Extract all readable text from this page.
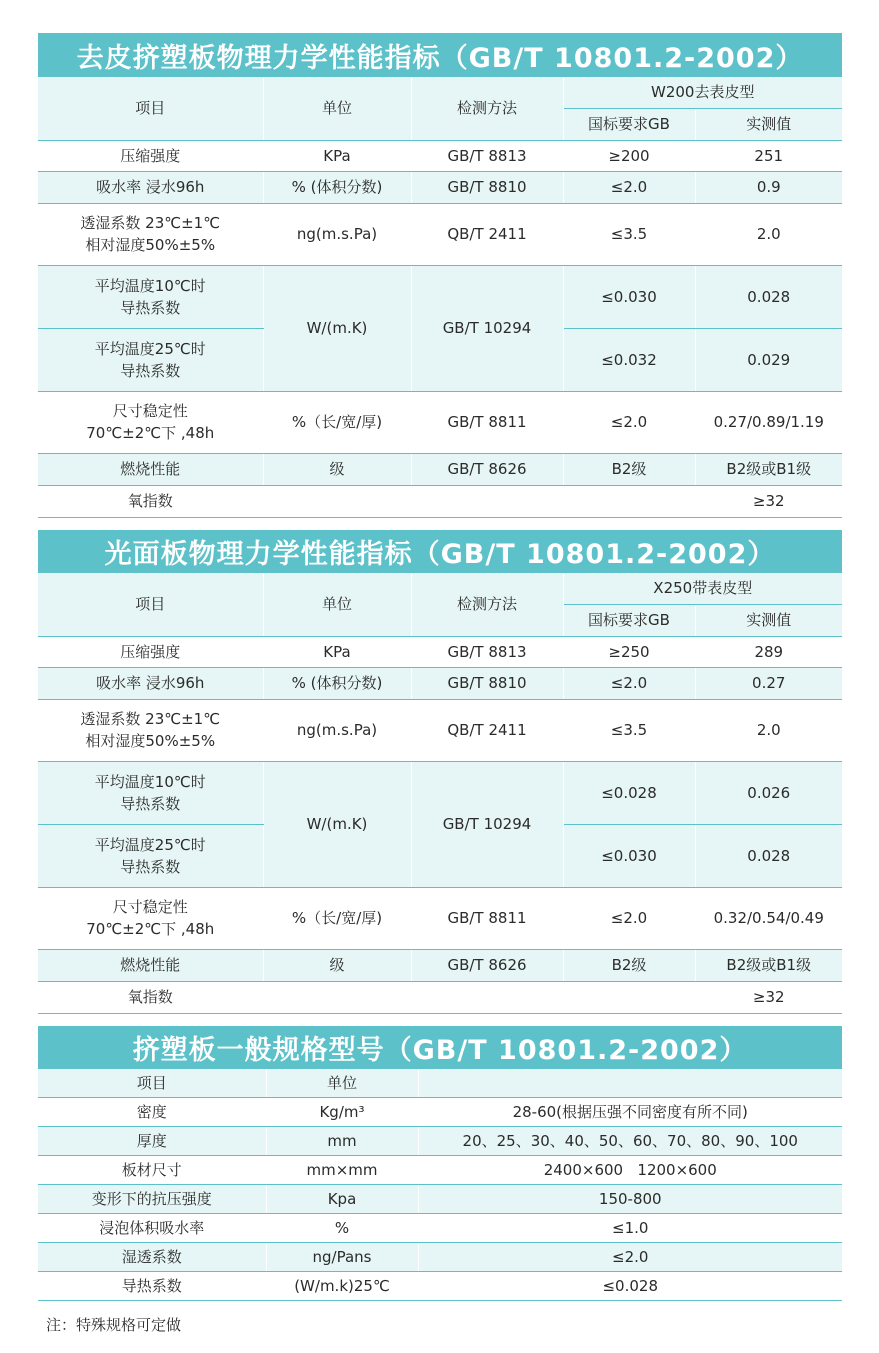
去皮挤塑板物理力学性能指标（GB/T 10801.2-2002）
项目	单位	检测方法	W200去表皮型	
			国标要求GB	实测值
压缩强度	KPa	GB/T 8813	≥200	251
吸水率 浸水96h	% (体积分数)	GB/T 8810	≤2.0	0.9

透湿系数 23℃±1℃
相对湿度50%±5%	ng(m.s.Pa)	QB/T 2411	≤3.5	2.0

平均温度10℃时
导热系数	W/(m.K)	GB/T 10294	≤0.030	0.028

平均温度25℃时
导热系数			≤0.032	0.029

尺寸稳定性
70℃±2℃下 ,48h	%（长/宽/厚)	GB/T 8811	≤2.0	0.27/0.89/1.19
燃烧性能	级	GB/T 8626	B2级	B2级或B1级
氧指数				≥32
光面板物理力学性能指标（GB/T 10801.2-2002）
项目	单位	检测方法	X250带表皮型	
			国标要求GB	实测值
压缩强度	KPa	GB/T 8813	≥250	289
吸水率 浸水96h	% (体积分数)	GB/T 8810	≤2.0	0.27

透湿系数 23℃±1℃
相对湿度50%±5%	ng(m.s.Pa)	QB/T 2411	≤3.5	2.0

平均温度10℃时
导热系数	W/(m.K)	GB/T 10294	≤0.028	0.026

平均温度25℃时
导热系数			≤0.030	0.028

尺寸稳定性
70℃±2℃下 ,48h	%（长/宽/厚)	GB/T 8811	≤2.0	0.32/0.54/0.49
燃烧性能	级	GB/T 8626	B2级	B2级或B1级
氧指数				≥32
挤塑板一般规格型号（GB/T 10801.2-2002）
项目	单位	
密度	Kg/m³	28-60(根据压强不同密度有所不同)
厚度	mm	20、25、30、40、50、60、70、80、90、100
板材尺寸	mm×mm	2400×600   1200×600
变形下的抗压强度	Kpa	150-800
浸泡体积吸水率	%	≤1.0
湿透系数	ng/Pans	≤2.0
导热系数	(W/m.k)25℃	≤0.028
注：特殊规格可定做
